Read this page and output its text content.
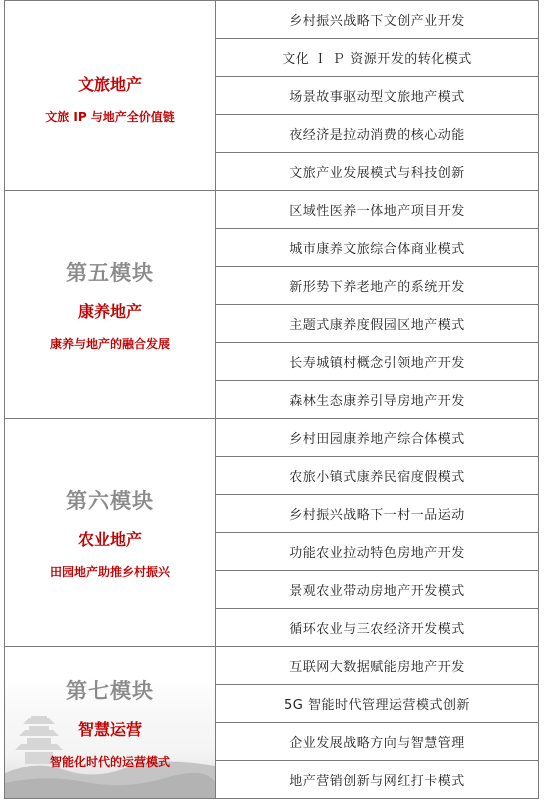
文旅地产
文旅 IP 与地产全价值链	乡村振兴战略下文创产业开发
	文化 Ｉ Ｐ 资源开发的转化模式
	场景故事驱动型文旅地产模式
	夜经济是拉动消费的核心动能
	文旅产业发展模式与科技创新

第五模块
康养地产
康养与地产的融合发展	区域性医养一体地产项目开发
	城市康养文旅综合体商业模式
	新形势下养老地产的系统开发
	主题式康养度假园区地产模式
	长寿城镇村概念引领地产开发
	森林生态康养引导房地产开发

第六模块
农业地产
田园地产助推乡村振兴	乡村田园康养地产综合体模式
	农旅小镇式康养民宿度假模式
	乡村振兴战略下一村一品运动
	功能农业拉动特色房地产开发
	景观农业带动房地产开发模式
	循环农业与三农经济开发模式

第七模块
智慧运营
智能化时代的运营模式	互联网大数据赋能房地产开发
	5G 智能时代管理运营模式创新
	企业发展战略方向与智慧管理
	地产营销创新与网红打卡模式
